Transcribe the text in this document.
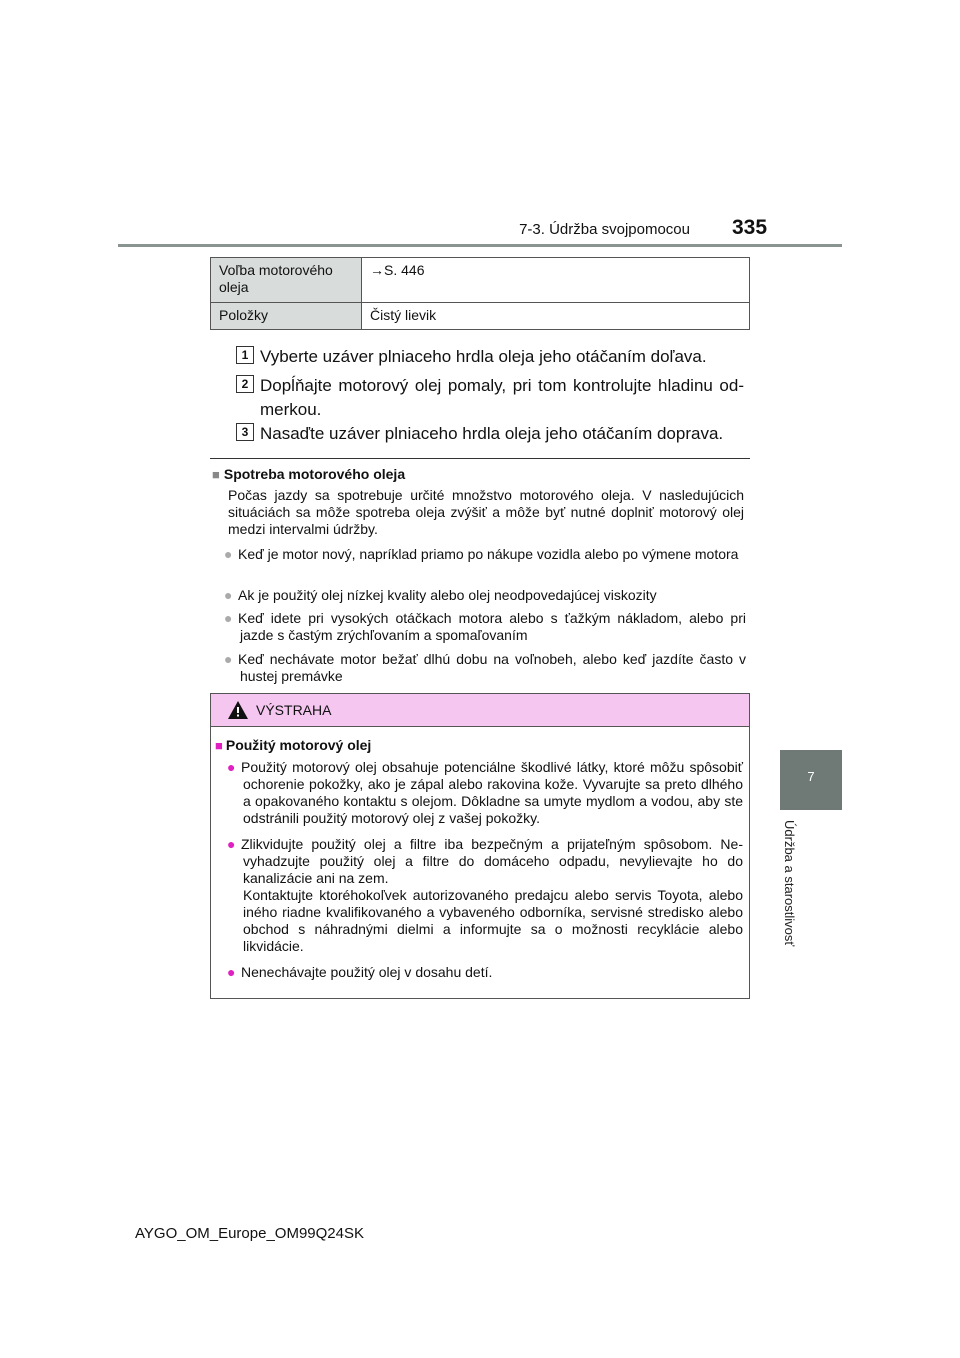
7-3. Údržba svojpomocou 335
7
Údržba a starostlivosť
Voľba motorového oleja	→S. 446
Položky	Čistý lievik
1 Vyberte uzáver plniaceho hrdla oleja jeho otáčaním doľava.
2 Dopĺňajte motorový olej pomaly, pri tom kontrolujte hladinu odmerkou.
3 Nasaďte uzáver plniaceho hrdla oleja jeho otáčaním doprava.
■ Spotreba motorového oleja
Počas jazdy sa spotrebuje určité množstvo motorového oleja. V nasledujúcich situáciách sa môže spotreba oleja zvýšiť a môže byť nutné doplniť motorový olej medzi intervalmi údržby.
● Keď je motor nový, napríklad priamo po nákupe vozidla alebo po výmene motora
● Ak je použitý olej nízkej kvality alebo olej neodpovedajúcej viskozity
● Keď idete pri vysokých otáčkach motora alebo s ťažkým nákladom, alebo pri jazde s častým zrýchľovaním a spomaľovaním
● Keď nechávate motor bežať dlhú dobu na voľnobeh, alebo keď jazdíte často v hustej premávke
VÝSTRAHA
■ Použitý motorový olej
● Použitý motorový olej obsahuje potenciálne škodlivé látky, ktoré môžu spôsobiť ochorenie pokožky, ako je zápal alebo rakovina kože. Vyvarujte sa preto dlhého a opakovaného kontaktu s olejom. Dôkladne sa umyte mydlom a vodou, aby ste odstránili použitý motorový olej z vašej pokožky.
● Zlikvidujte použitý olej a filtre iba bezpečným a prijateľným spôsobom. Nevyhadzujte použitý olej a filtre do domáceho odpadu, nevylievajte ho do kanalizácie ani na zem.
Kontaktujte ktoréhokoľvek autorizovaného predajcu alebo servis Toyota, alebo iného riadne kvalifikovaného a vybaveného odborníka, servisné stredisko alebo obchod s náhradnými dielmi a informujte sa o možnosti recyklácie alebo likvidácie.
● Nenechávajte použitý olej v dosahu detí.
AYGO_OM_Europe_OM99Q24SK
